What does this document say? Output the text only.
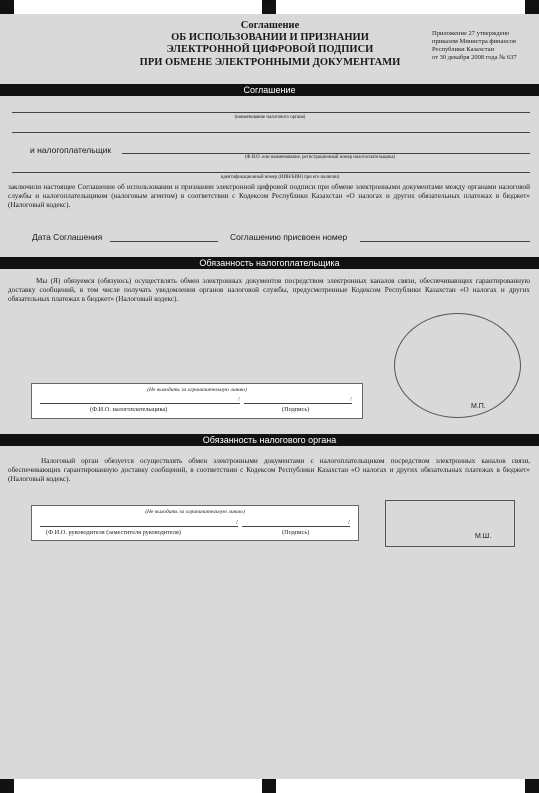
40
Соглашение
ОБ ИСПОЛЬЗОВАНИИ И ПРИЗНАНИИ
ЭЛЕКТРОННОЙ ЦИФРОВОЙ ПОДПИСИ
ПРИ ОБМЕНЕ ЭЛЕКТРОННЫМИ ДОКУМЕНТАМИ
Приложение 27 утверждено
приказом Министра финансов
Республики Казахстан
от 30 декабря 2008 года № 637
Соглашение
(наименование налогового органа)
и налогоплательщик
(Ф.И.О. или наименование, регистрационный номер налогоплательщика)
идентификационный номер (ИИН/БИН) при его наличии)
заключили настоящее Соглашение об использовании и признании электронной цифровой подписи при обмене электронными документами между органами налоговой службы и налогоплательщиком (налоговым агентом) в соответствии с Кодексом Республики Казахстан «О налогах и других обязательных платежах в бюджет» (Налоговый кодекс).
Дата Соглашения	Соглашению присвоен номер
Обязанность налогоплательщика
Мы (Я) обязуемся (обязуюсь) осуществлять обмен электронных документов посредством электронных каналов связи, обеспечивающих гарантированную доставку сообщений, в том числе получать уведомления органов налоговой службы, предусмотренные Кодексом Республики Казахстан «О налогах и других обязательных платежах в бюджет» (Налоговый кодекс).
М.П.
(Не выходить за ограничительную линию)
/	/
(Ф.И.О. налогоплательщика)	(Подпись)
Обязанность налогового органа
Налоговый орган обязуется осуществлять обмен электронными документами с налогоплательщиком посредством электронных каналов связи, обеспечивающих гарантированную доставку сообщений, в соответствии с Кодексом Республики Казахстан «О налогах и других обязательных платежах в бюджет» (Налоговый кодекс).
М.Ш.
(Не выходить за ограничительную линию)
/	/
(Ф.И.О. руководителя (заместителя руководителя)	(Подпись)
